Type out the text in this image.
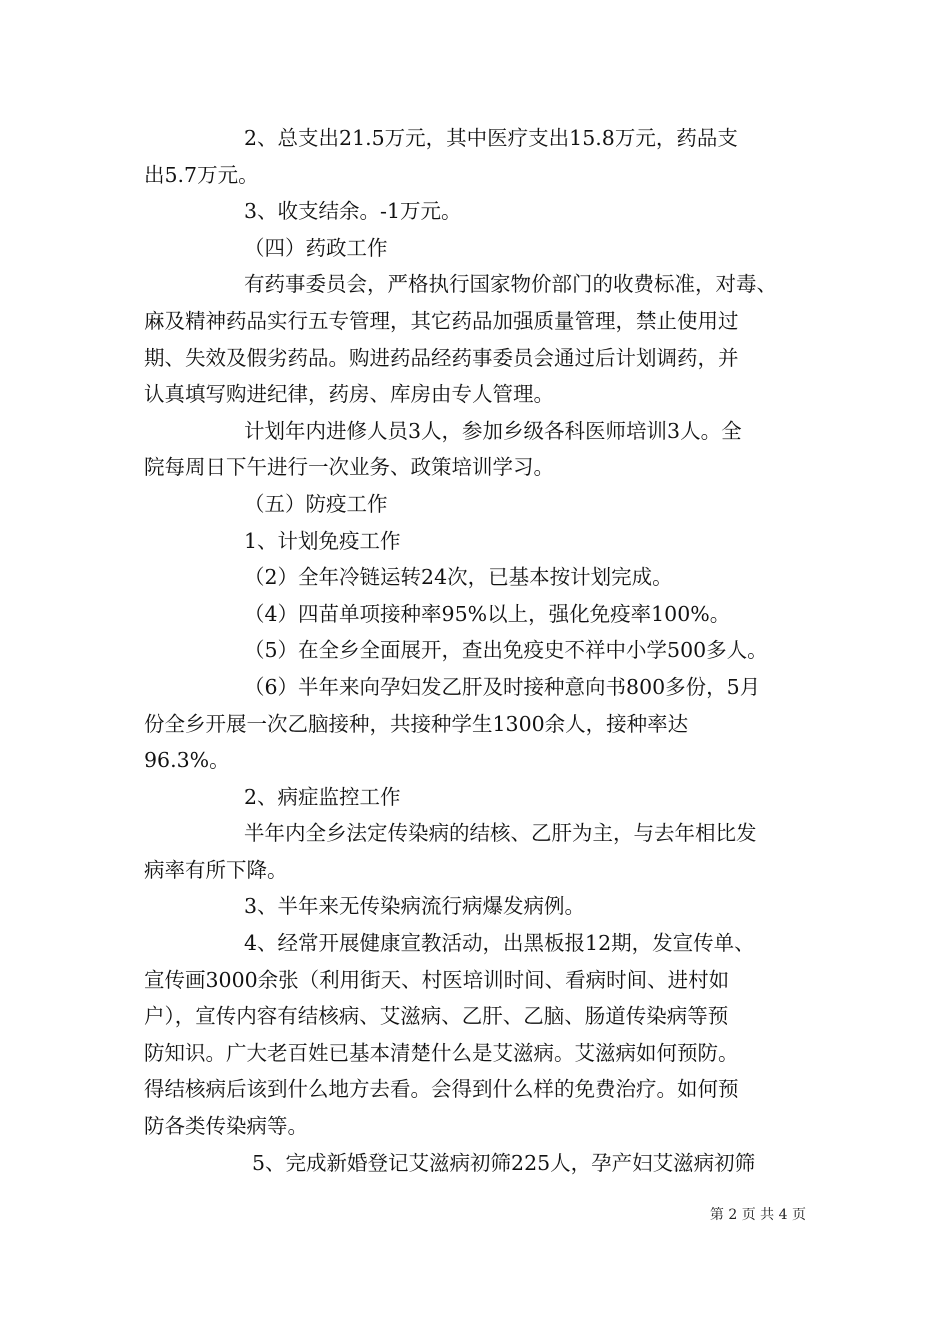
2、总支出21.5万元，其中医疗支出15.8万元，药品支
出5.7万元。
3、收支结余。-1万元。
（四）药政工作
有药事委员会，严格执行国家物价部门的收费标准，对毒、
麻及精神药品实行五专管理，其它药品加强质量管理，禁止使用过
期、失效及假劣药品。购进药品经药事委员会通过后计划调药，并
认真填写购进纪律，药房、库房由专人管理。
计划年内进修人员3人，参加乡级各科医师培训3人。全
院每周日下午进行一次业务、政策培训学习。
（五）防疫工作
1、计划免疫工作
（2）全年冷链运转24次，已基本按计划完成。
（4）四苗单项接种率95%以上，强化免疫率100%。
（5）在全乡全面展开，查出免疫史不祥中小学500多人。
（6）半年来向孕妇发乙肝及时接种意向书800多份，5月
份全乡开展一次乙脑接种，共接种学生1300余人，接种率达
96.3%。
2、病症监控工作
半年内全乡法定传染病的结核、乙肝为主，与去年相比发
病率有所下降。
3、半年来无传染病流行病爆发病例。
4、经常开展健康宣教活动，出黑板报12期，发宣传单、
宣传画3000余张（利用街天、村医培训时间、看病时间、进村如
户），宣传内容有结核病、艾滋病、乙肝、乙脑、肠道传染病等预
防知识。广大老百姓已基本清楚什么是艾滋病。艾滋病如何预防。
得结核病后该到什么地方去看。会得到什么样的免费治疗。如何预
防各类传染病等。
5、完成新婚登记艾滋病初筛225人，孕产妇艾滋病初筛
第 2 页 共 4 页
